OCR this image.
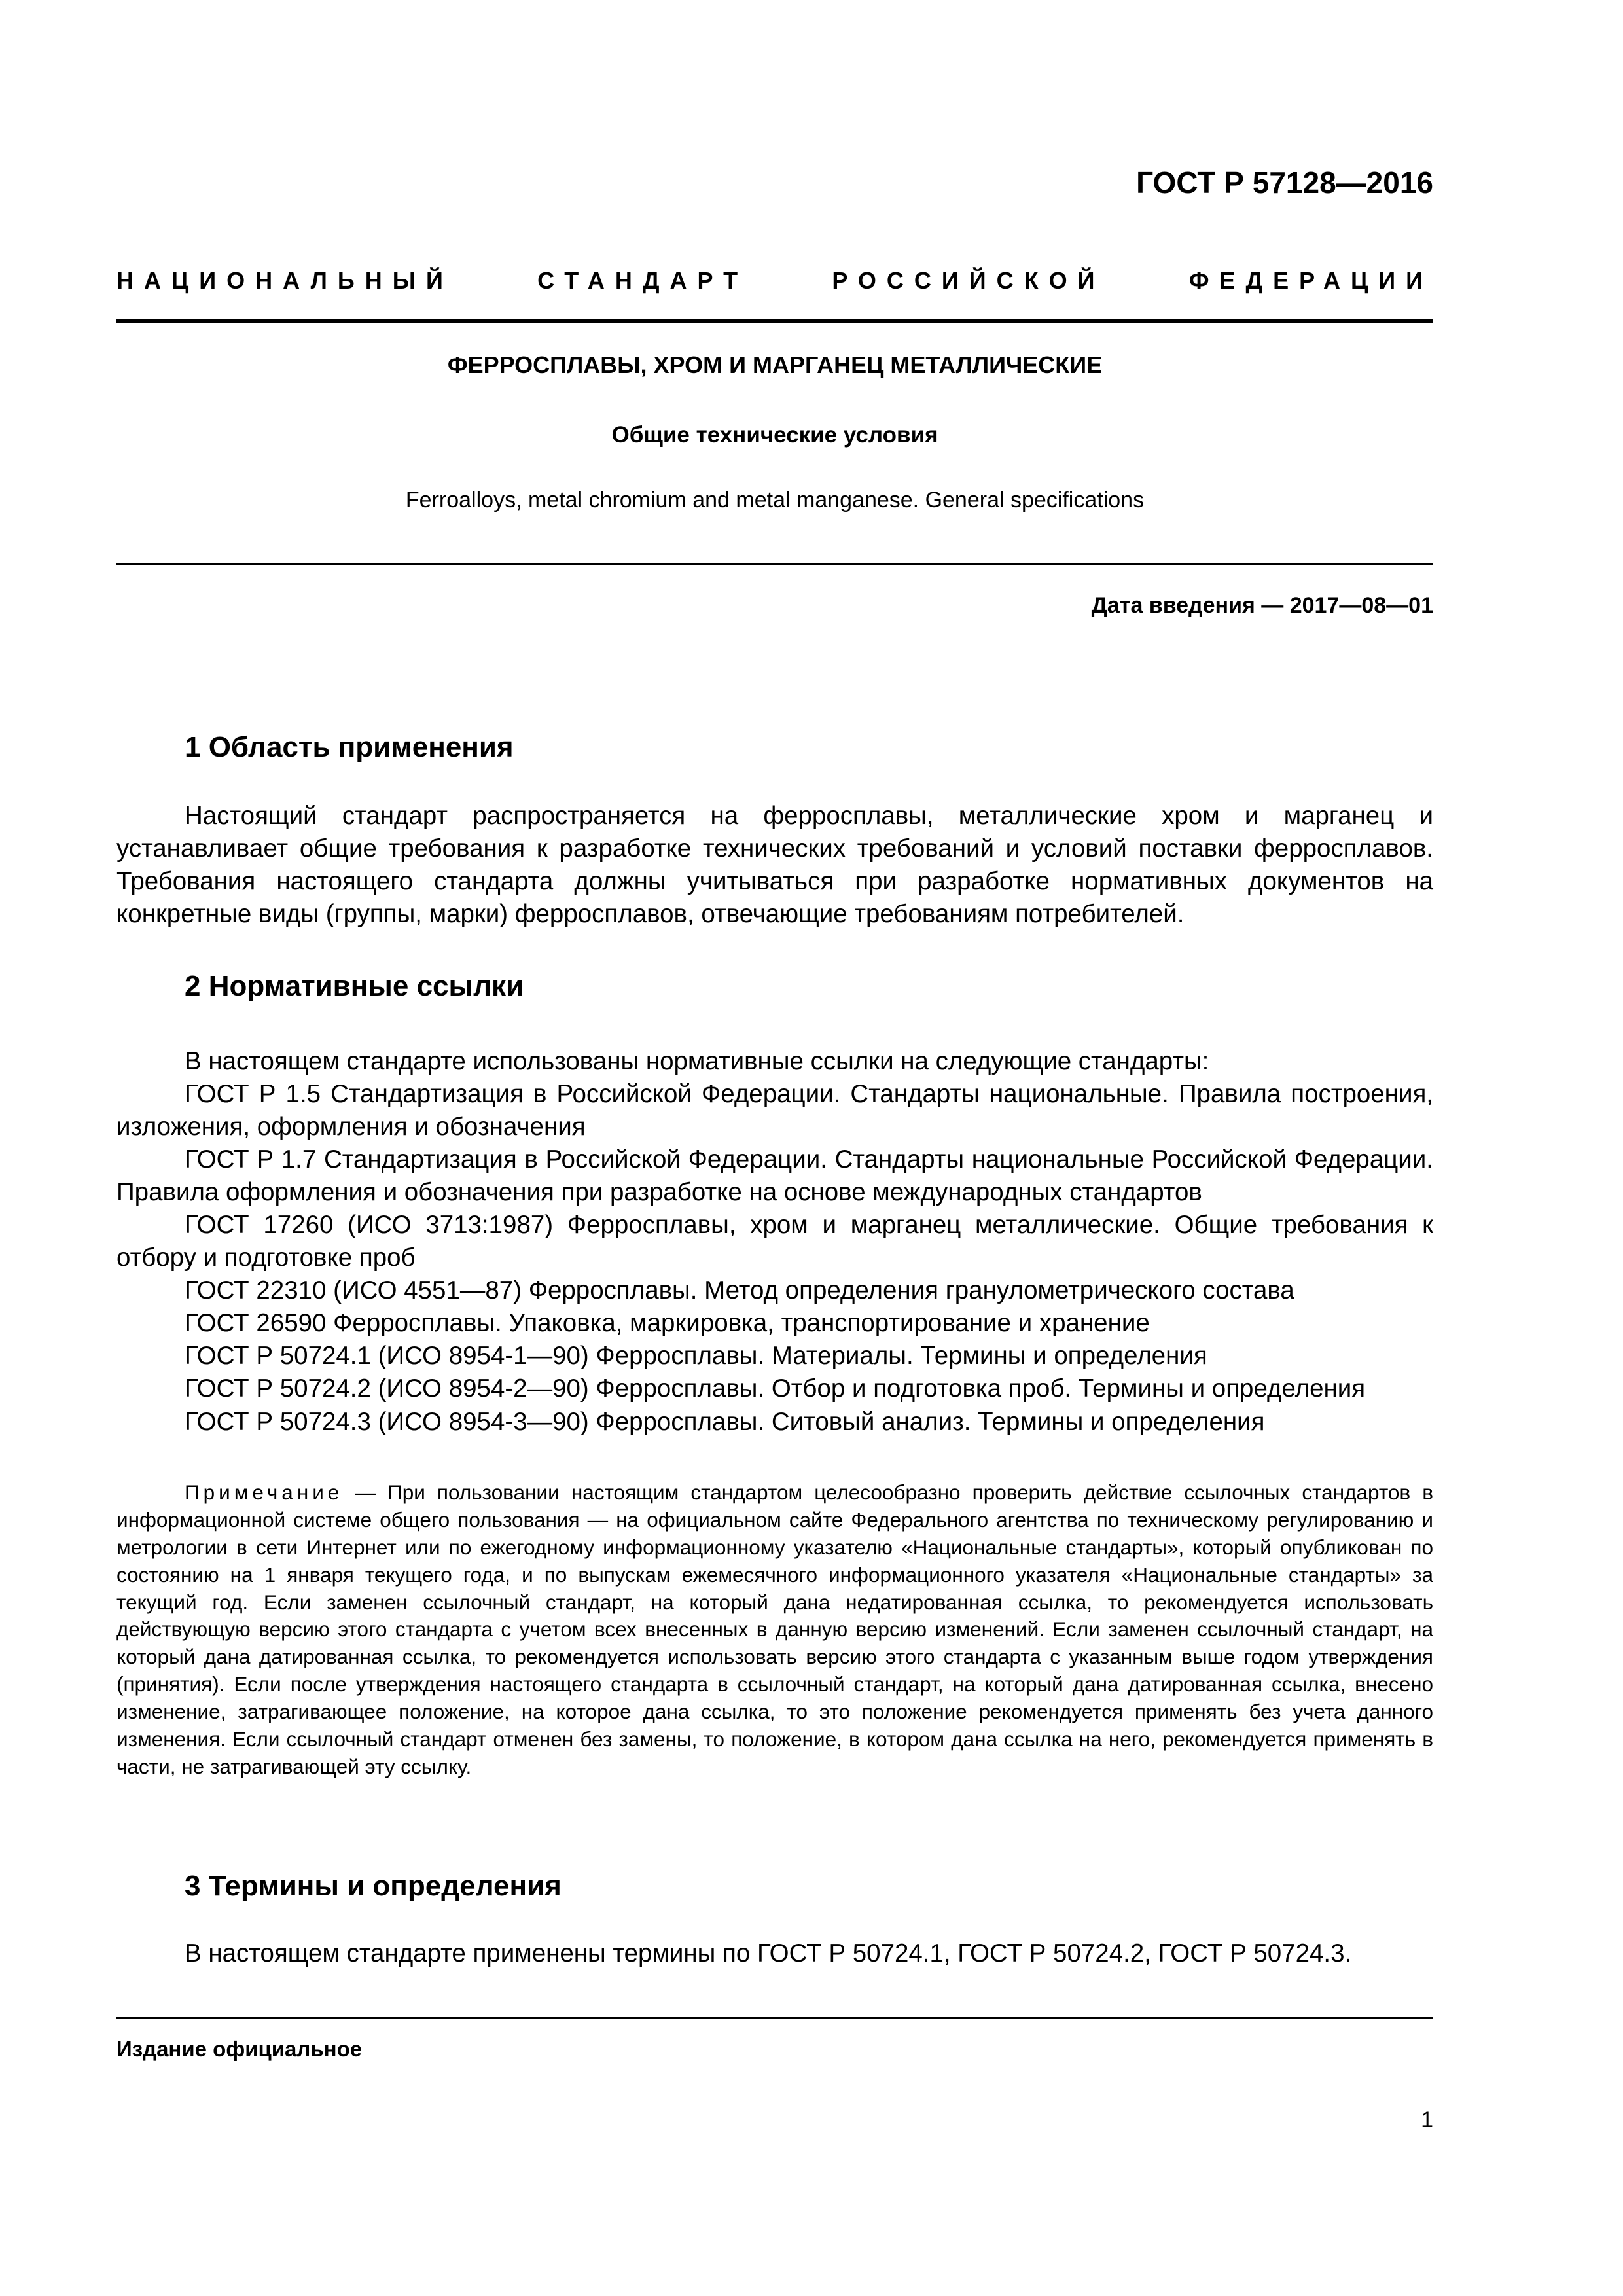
ГОСТ Р 57128—2016
НАЦИОНАЛЬНЫЙ	СТАНДАРТ	РОССИЙСКОЙ	ФЕДЕРАЦИИ
ФЕРРОСПЛАВЫ, ХРОМ И МАРГАНЕЦ МЕТАЛЛИЧЕСКИЕ
Общие технические условия
Ferroalloys, metal chromium and metal manganese. General specifications
Дата введения — 2017—08—01
1 Область применения

Настоящий стандарт распространяется на ферросплавы, металлические хром и марганец и устанавливает общие требования к разработке технических требований и условий поставки ферросплавов. Требования настоящего стандарта должны учитываться при разработке нормативных документов на конкретные виды (группы, марки) ферросплавов, отвечающие требованиям потребителей.

2 Нормативные ссылки

В настоящем стандарте использованы нормативные ссылки на следующие стандарты:

ГОСТ Р 1.5 Стандартизация в Российской Федерации. Стандарты национальные. Правила построения, изложения, оформления и обозначения

ГОСТ Р 1.7 Стандартизация в Российской Федерации. Стандарты национальные Российской Федерации. Правила оформления и обозначения при разработке на основе международных стандартов

ГОСТ 17260 (ИСО 3713:1987) Ферросплавы, хром и марганец металлические. Общие требования к отбору и подготовке проб

ГОСТ 22310 (ИСО 4551—87) Ферросплавы. Метод определения гранулометрического состава

ГОСТ 26590 Ферросплавы. Упаковка, маркировка, транспортирование и хранение

ГОСТ Р 50724.1 (ИСО 8954-1—90) Ферросплавы. Материалы. Термины и определения

ГОСТ Р 50724.2 (ИСО 8954-2—90) Ферросплавы. Отбор и подготовка проб. Термины и определения

ГОСТ Р 50724.3 (ИСО 8954-3—90) Ферросплавы. Ситовый анализ. Термины и определения

Примечание — При пользовании настоящим стандартом целесообразно проверить действие ссылочных стандартов в информационной системе общего пользования — на официальном сайте Федерального агентства по техническому регулированию и метрологии в сети Интернет или по ежегодному информационному указателю «Национальные стандарты», который опубликован по состоянию на 1 января текущего года, и по выпускам ежемесячного информационного указателя «Национальные стандарты» за текущий год. Если заменен ссылочный стандарт, на который дана недатированная ссылка, то рекомендуется использовать действующую версию этого стандарта с учетом всех внесенных в данную версию изменений. Если заменен ссылочный стандарт, на который дана датированная ссылка, то рекомендуется использовать версию этого стандарта с указанным выше годом утверждения (принятия). Если после утверждения настоящего стандарта в ссылочный стандарт, на который дана датированная ссылка, внесено изменение, затрагивающее положение, на которое дана ссылка, то это положение рекомендуется применять без учета данного изменения. Если ссылочный стандарт отменен без замены, то положение, в котором дана ссылка на него, рекомендуется применять в части, не затрагивающей эту ссылку.
3 Термины и определения

В настоящем стандарте применены термины по ГОСТ Р 50724.1, ГОСТ Р 50724.2, ГОСТ Р 50724.3.

Издание официальное
1
